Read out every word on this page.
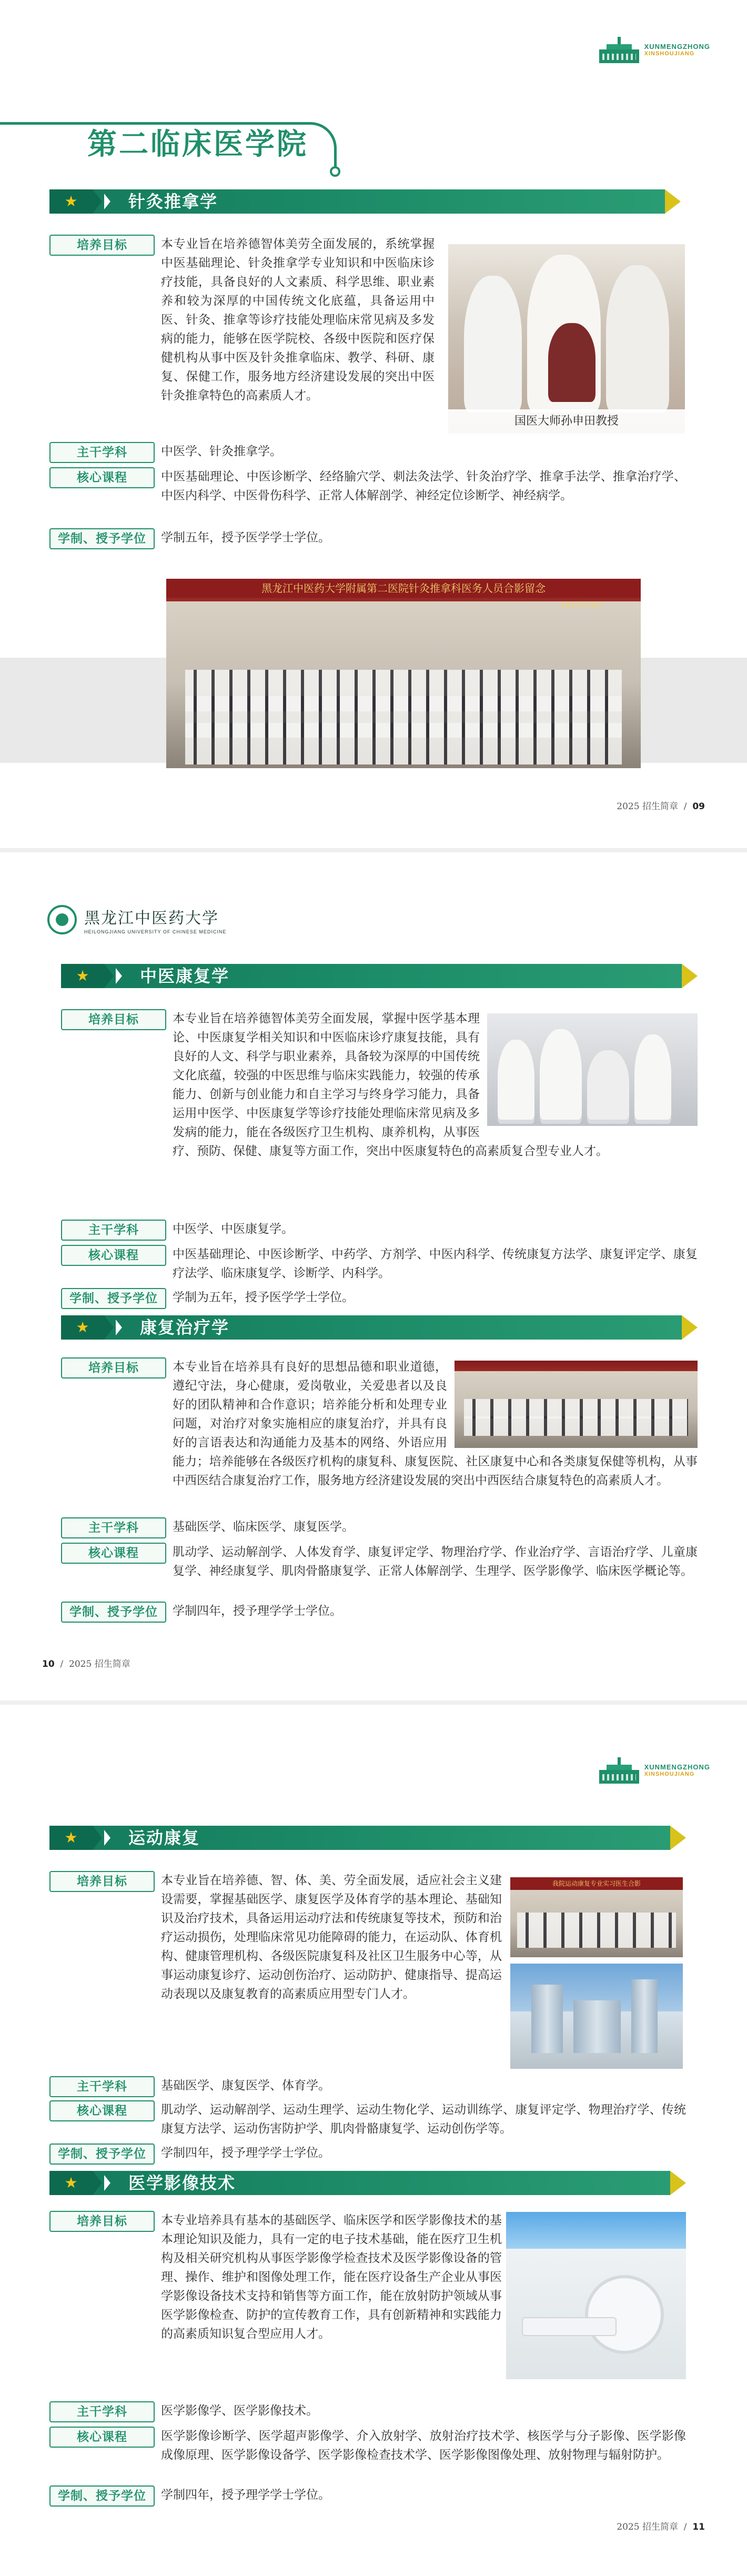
XUNMENGZHONG
XINSHOUJIANG
第二临床医学院
★	针灸推拿学
培养目标	本专业旨在培养德智体美劳全面发展的，系统掌握中医基础理论、针灸推拿学专业知识和中医临床诊疗技能，具备良好的人文素质、科学思维、职业素养和较为深厚的中国传统文化底蕴，具备运用中医、针灸、推拿等诊疗技能处理临床常见病及多发病的能力，能够在医学院校、各级中医院和医疗保健机构从事中医及针灸推拿临床、教学、科研、康复、保健工作，服务地方经济建设发展的突出中医针灸推拿特色的高素质人才。
国医大师孙申田教授
主干学科	中医学、针灸推拿学。
核心课程	中医基础理论、中医诊断学、经络腧穴学、刺法灸法学、针灸治疗学、推拿手法学、推拿治疗学、中医内科学、中医骨伤科学、正常人体解剖学、神经定位诊断学、神经病学。
学制、授予学位	学制五年，授予医学学士学位。
黑龙江中医药大学附属第二医院针灸推拿科医务人员合影留念
2017年10月
2025 招生简章 / 09
黑龙江中医药大学
HEILONGJIANG UNIVERSITY OF CHINESE MEDICINE
★	中医康复学
培养目标	本专业旨在培养德智体美劳全面发展，掌握中医学基本理论、中医康复学相关知识和中医临床诊疗康复技能，具有良好的人文、科学与职业素养，具备较为深厚的中国传统文化底蕴，较强的中医思维与临床实践能力，较强的传承能力、创新与创业能力和自主学习与终身学习能力，具备运用中医学、中医康复学等诊疗技能处理临床常见病及多发病的能力，能在各级医疗卫生机构、康养机构，从事医疗、预防、保健、康复等方面工作，突出中医康复特色的高素质复合型专业人才。
主干学科	中医学、中医康复学。
核心课程	中医基础理论、中医诊断学、中药学、方剂学、中医内科学、传统康复方法学、康复评定学、康复疗法学、临床康复学、诊断学、内科学。
学制、授予学位	学制为五年，授予医学学士学位。
★	康复治疗学
培养目标	本专业旨在培养具有良好的思想品德和职业道德，遵纪守法，身心健康，爱岗敬业，关爱患者以及良好的团队精神和合作意识；培养能分析和处理专业问题，对治疗对象实施相应的康复治疗，并具有良好的言语表达和沟通能力及基本的网络、外语应用能力；培养能够在各级医疗机构的康复科、康复医院、社区康复中心和各类康复保健等机构，从事中西医结合康复治疗工作，服务地方经济建设发展的突出中西医结合康复特色的高素质人才。
主干学科	基础医学、临床医学、康复医学。
核心课程	肌动学、运动解剖学、人体发育学、康复评定学、物理治疗学、作业治疗学、言语治疗学、儿童康复学、神经康复学、肌肉骨骼康复学、正常人体解剖学、生理学、医学影像学、临床医学概论等。
学制、授予学位	学制四年，授予理学学士学位。
10 / 2025 招生简章
XUNMENGZHONG
XINSHOUJIANG
★	运动康复
培养目标	本专业旨在培养德、智、体、美、劳全面发展，适应社会主义建设需要，掌握基础医学、康复医学及体育学的基本理论、基础知识及治疗技术，具备运用运动疗法和传统康复等技术，预防和治疗运动损伤，处理临床常见功能障碍的能力，在运动队、体育机构、健康管理机构、各级医院康复科及社区卫生服务中心等，从事运动康复诊疗、运动创伤治疗、运动防护、健康指导、提高运动表现以及康复教育的高素质应用型专门人才。
我院运动康复专业实习医生合影
主干学科	基础医学、康复医学、体育学。
核心课程	肌动学、运动解剖学、运动生理学、运动生物化学、运动训练学、康复评定学、物理治疗学、传统康复方法学、运动伤害防护学、肌肉骨骼康复学、运动创伤学等。
学制、授予学位	学制四年，授予理学学士学位。
★	医学影像技术
培养目标	本专业培养具有基本的基础医学、临床医学和医学影像技术的基本理论知识及能力，具有一定的电子技术基础，能在医疗卫生机构及相关研究机构从事医学影像学检查技术及医学影像设备的管理、操作、维护和图像处理工作，能在医疗设备生产企业从事医学影像设备技术支持和销售等方面工作，能在放射防护领域从事医学影像检查、防护的宣传教育工作，具有创新精神和实践能力的高素质知识复合型应用人才。
主干学科	医学影像学、医学影像技术。
核心课程	医学影像诊断学、医学超声影像学、介入放射学、放射治疗技术学、核医学与分子影像、医学影像成像原理、医学影像设备学、医学影像检查技术学、医学影像图像处理、放射物理与辐射防护。
学制、授予学位	学制四年，授予理学学士学位。
2025 招生简章 / 11
